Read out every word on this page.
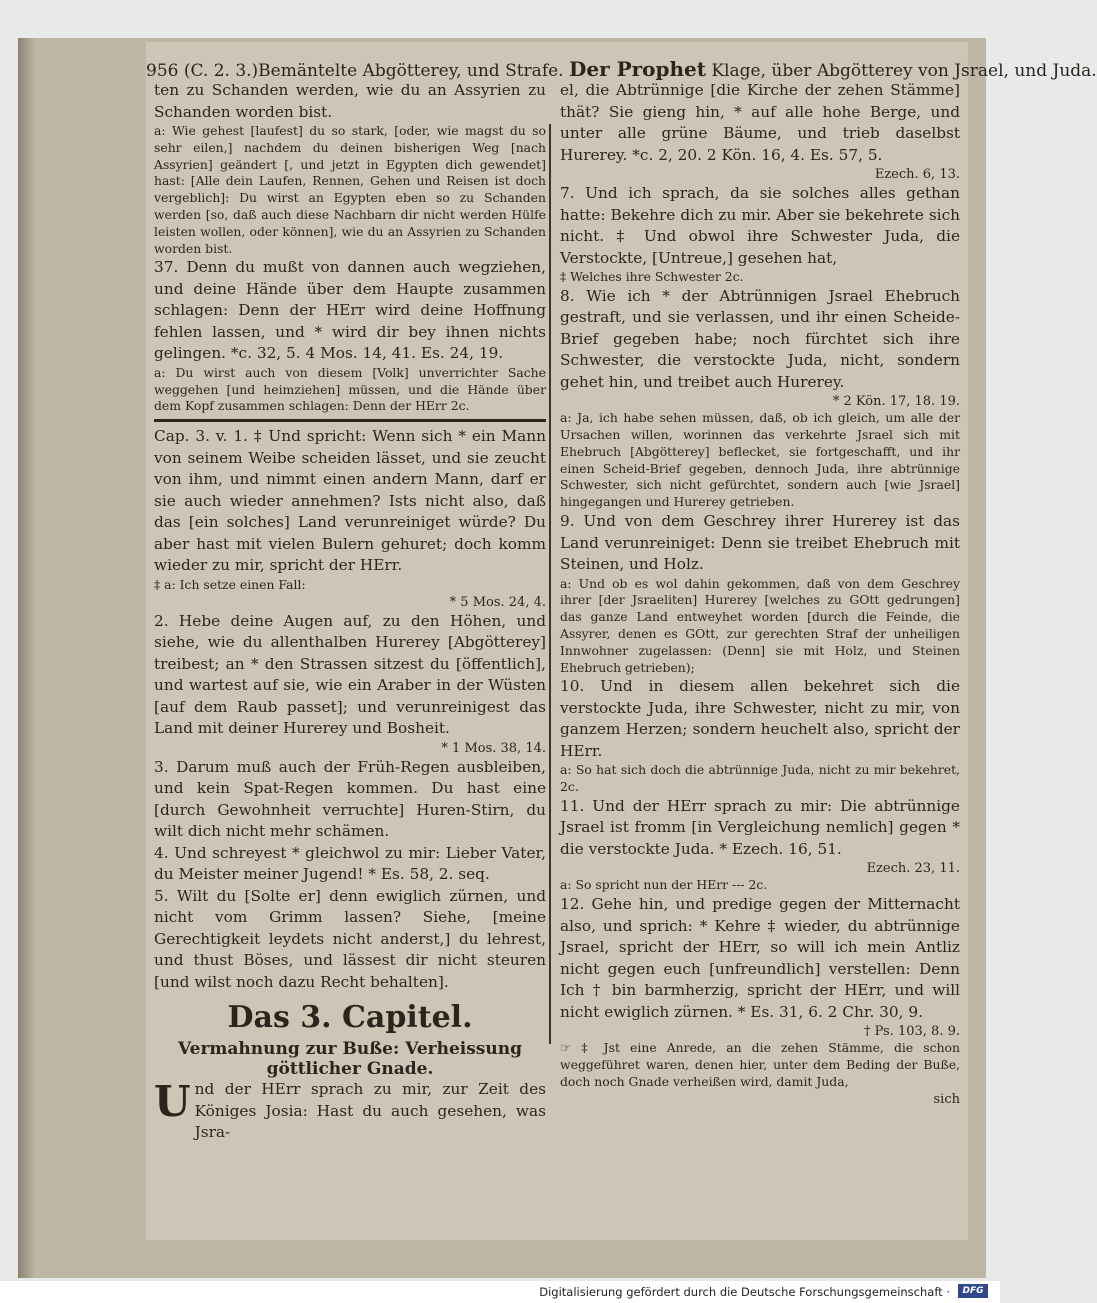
956 (C. 2. 3.)Bemäntelte Abgötterey, und Strafe. Der Prophet Klage, über Abgötterey von Jsrael, und Juda.

ten zu Schanden werden, wie du an Assyrien zu Schanden worden bist.

a: Wie gehest [laufest] du so stark, [oder, wie magst du so sehr eilen,] nachdem du deinen bisherigen Weg [nach Assyrien] geändert [, und jetzt in Egypten dich gewendet] hast: [Alle dein Laufen, Rennen, Gehen und Reisen ist doch vergeblich]: Du wirst an Egypten eben so zu Schanden werden [so, daß auch diese Nachbarn dir nicht werden Hülfe leisten wollen, oder können], wie du an Assyrien zu Schanden worden bist.

37. Denn du mußt von dannen auch wegziehen, und deine Hände über dem Haupte zusammen schlagen: Denn der HErr wird deine Hoffnung fehlen lassen, und * wird dir bey ihnen nichts gelingen. *c. 32, 5. 4 Mos. 14, 41. Es. 24, 19.

a: Du wirst auch von diesem [Volk] unverrichter Sache weggehen [und heimziehen] müssen, und die Hände über dem Kopf zusammen schlagen: Denn der HErr 2c.

Cap. 3. v. 1. ‡ Und spricht: Wenn sich * ein Mann von seinem Weibe scheiden lässet, und sie zeucht von ihm, und nimmt einen andern Mann, darf er sie auch wieder annehmen? Ists nicht also, daß das [ein solches] Land verunreiniget würde? Du aber hast mit vielen Bulern gehuret; doch komm wieder zu mir, spricht der HErr.

‡ a: Ich setze einen Fall:

* 5 Mos. 24, 4.

2. Hebe deine Augen auf, zu den Höhen, und siehe, wie du allenthalben Hurerey [Abgötterey] treibest; an * den Strassen sitzest du [öffentlich], und wartest auf sie, wie ein Araber in der Wüsten [auf dem Raub passet]; und verunreinigest das Land mit deiner Hurerey und Bosheit.

* 1 Mos. 38, 14.

3. Darum muß auch der Früh-Regen ausbleiben, und kein Spat-Regen kommen. Du hast eine [durch Gewohnheit verruchte] Huren-Stirn, du wilt dich nicht mehr schämen.

4. Und schreyest * gleichwol zu mir: Lieber Vater, du Meister meiner Jugend! * Es. 58, 2. seq.

5. Wilt du [Solte er] denn ewiglich zürnen, und nicht vom Grimm lassen? Siehe, [meine Gerechtigkeit leydets nicht anderst,] du lehrest, und thust Böses, und lässest dir nicht steuren [und wilst noch dazu Recht behalten].

Das 3. Capitel.
Vermahnung zur Buße: Verheissung göttlicher Gnade.

Und der HErr sprach zu mir, zur Zeit des Königes Josia: Hast du auch gesehen, was Jsra-

el, die Abtrünnige [die Kirche der zehen Stämme] thät? Sie gieng hin, * auf alle hohe Berge, und unter alle grüne Bäume, und trieb daselbst Hurerey. *c. 2, 20. 2 Kön. 16, 4. Es. 57, 5.

Ezech. 6, 13.

7. Und ich sprach, da sie solches alles gethan hatte: Bekehre dich zu mir. Aber sie bekehrete sich nicht. ‡ Und obwol ihre Schwester Juda, die Verstockte, [Untreue,] gesehen hat,

‡ Welches ihre Schwester 2c.

8. Wie ich * der Abtrünnigen Jsrael Ehebruch gestraft, und sie verlassen, und ihr einen Scheide-Brief gegeben habe; noch fürchtet sich ihre Schwester, die verstockte Juda, nicht, sondern gehet hin, und treibet auch Hurerey.

* 2 Kön. 17, 18. 19.

a: Ja, ich habe sehen müssen, daß, ob ich gleich, um alle der Ursachen willen, worinnen das verkehrte Jsrael sich mit Ehebruch [Abgötterey] beflecket, sie fortgeschafft, und ihr einen Scheid-Brief gegeben, dennoch Juda, ihre abtrünnige Schwester, sich nicht gefürchtet, sondern auch [wie Jsrael] hingegangen und Hurerey getrieben.

9. Und von dem Geschrey ihrer Hurerey ist das Land verunreiniget: Denn sie treibet Ehebruch mit Steinen, und Holz.

a: Und ob es wol dahin gekommen, daß von dem Geschrey ihrer [der Jsraeliten] Hurerey [welches zu GOtt gedrungen] das ganze Land entweyhet worden [durch die Feinde, die Assyrer, denen es GOtt, zur gerechten Straf der unheiligen Innwohner zugelassen: (Denn] sie mit Holz, und Steinen Ehebruch getrieben);

10. Und in diesem allen bekehret sich die verstockte Juda, ihre Schwester, nicht zu mir, von ganzem Herzen; sondern heuchelt also, spricht der HErr.

a: So hat sich doch die abtrünnige Juda, nicht zu mir bekehret, 2c.

11. Und der HErr sprach zu mir: Die abtrünnige Jsrael ist fromm [in Vergleichung nemlich] gegen * die verstockte Juda. * Ezech. 16, 51.

Ezech. 23, 11.

a: So spricht nun der HErr --- 2c.

12. Gehe hin, und predige gegen der Mitternacht also, und sprich: * Kehre ‡ wieder, du abtrünnige Jsrael, spricht der HErr, so will ich mein Antliz nicht gegen euch [unfreundlich] verstellen: Denn Ich † bin barmherzig, spricht der HErr, und will nicht ewiglich zürnen. * Es. 31, 6. 2 Chr. 30, 9.

† Ps. 103, 8. 9.

☞ ‡ Jst eine Anrede, an die zehen Stämme, die schon weggeführet waren, denen hier, unter dem Beding der Buße, doch noch Gnade verheißen wird, damit Juda,

sich

Digitalisierung gefördert durch die Deutsche Forschungsgemeinschaft ·	DFG
